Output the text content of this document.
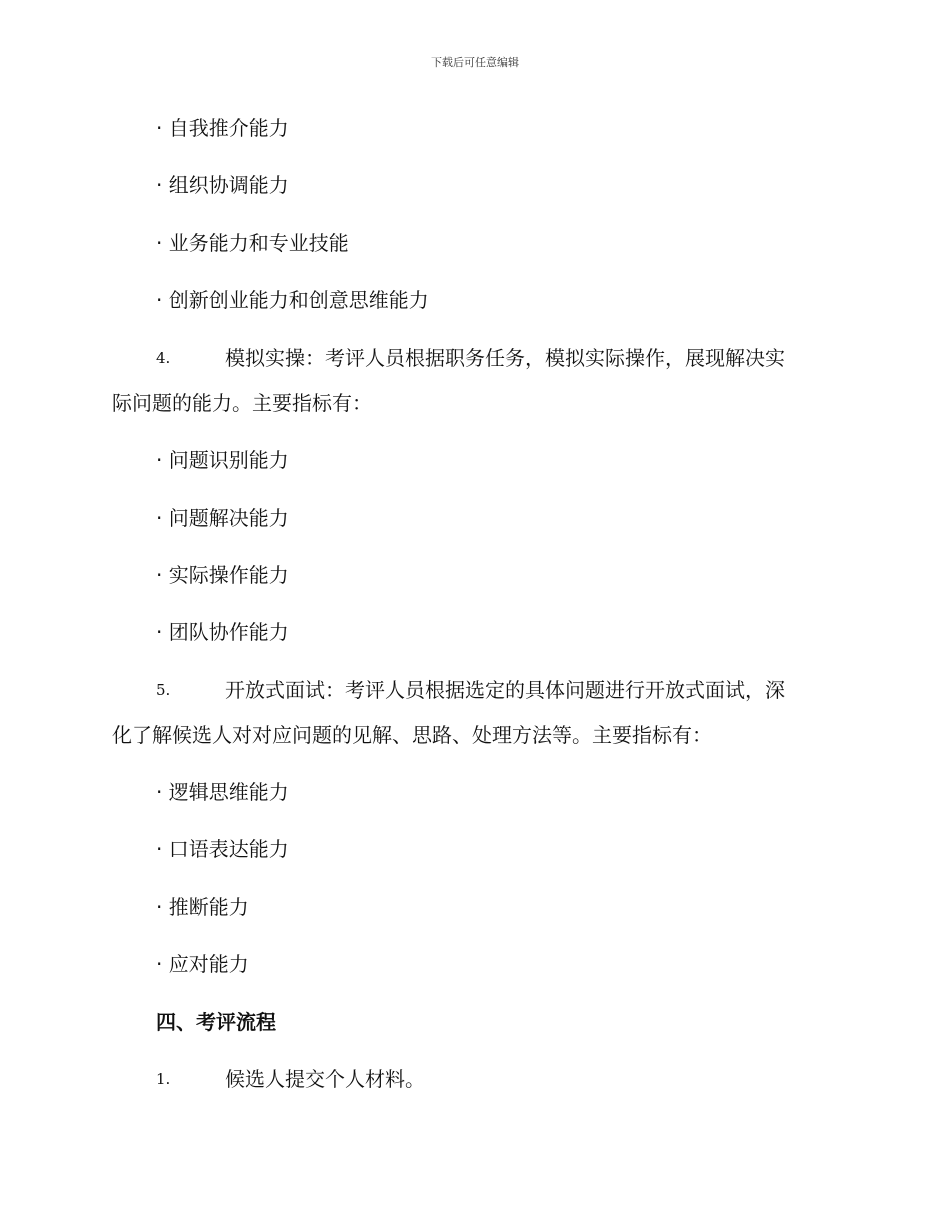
下载后可任意编辑
· 自我推介能力
· 组织协调能力
· 业务能力和专业技能
· 创新创业能力和创意思维能力
4.	模拟实操：考评人员根据职务任务，模拟实际操作，展现解决实
际问题的能力。主要指标有：
· 问题识别能力
· 问题解决能力
· 实际操作能力
· 团队协作能力
5.	开放式面试：考评人员根据选定的具体问题进行开放式面试，深
化了解候选人对对应问题的见解、思路、处理方法等。主要指标有：
· 逻辑思维能力
· 口语表达能力
· 推断能力
· 应对能力
四、考评流程
1.	候选人提交个人材料。
